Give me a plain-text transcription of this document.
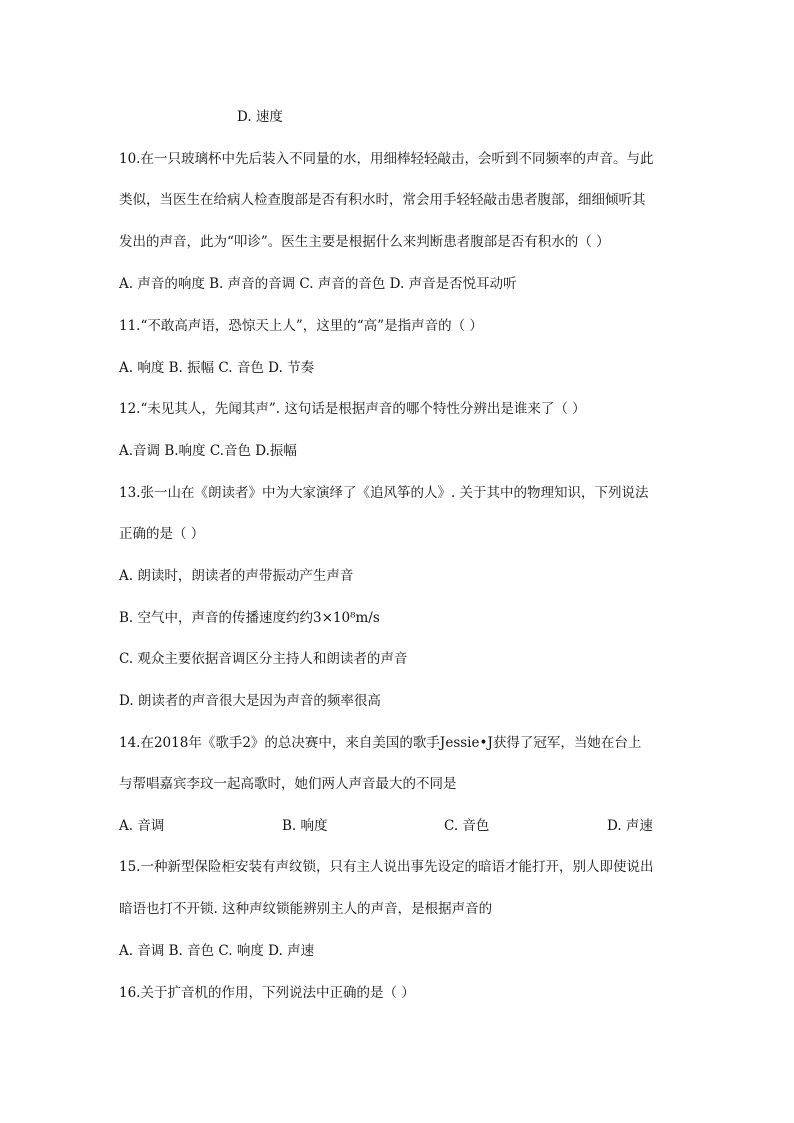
D. 速度
10.在一只玻璃杯中先后装入不同量的水，用细棒轻轻敲击，会听到不同频率的声音。与此
类似，当医生在给病人检查腹部是否有积水时，常会用手轻轻敲击患者腹部，细细倾听其
发出的声音，此为“叩诊”。医生主要是根据什么来判断患者腹部是否有积水的（ ）
A. 声音的响度 B. 声音的音调 C. 声音的音色 D. 声音是否悦耳动听
11.“不敢高声语，恐惊天上人”，这里的“高”是指声音的（ ）
A. 响度 B. 振幅 C. 音色 D. 节奏
12.“未见其人，先闻其声”. 这句话是根据声音的哪个特性分辨出是谁来了（ ）
A.音调 B.响度 C.音色 D.振幅
13.张一山在《朗读者》中为大家演绎了《追风筝的人》. 关于其中的物理知识，下列说法
正确的是（ ）
A. 朗读时，朗读者的声带振动产生声音
B. 空气中，声音的传播速度约约3×10⁸m/s
C. 观众主要依据音调区分主持人和朗读者的声音
D. 朗读者的声音很大是因为声音的频率很高
14.在2018年《歌手2》的总决赛中，来自美国的歌手Jessie•J获得了冠军，当她在台上
与帮唱嘉宾李玟一起高歌时，她们两人声音最大的不同是
A. 音调	B. 响度	C. 音色	D. 声速
15.一种新型保险柜安装有声纹锁，只有主人说出事先设定的暗语才能打开，别人即使说出
暗语也打不开锁. 这种声纹锁能辨别主人的声音，是根据声音的
A. 音调 B. 音色 C. 响度 D. 声速
16.关于扩音机的作用，下列说法中正确的是（ ）
